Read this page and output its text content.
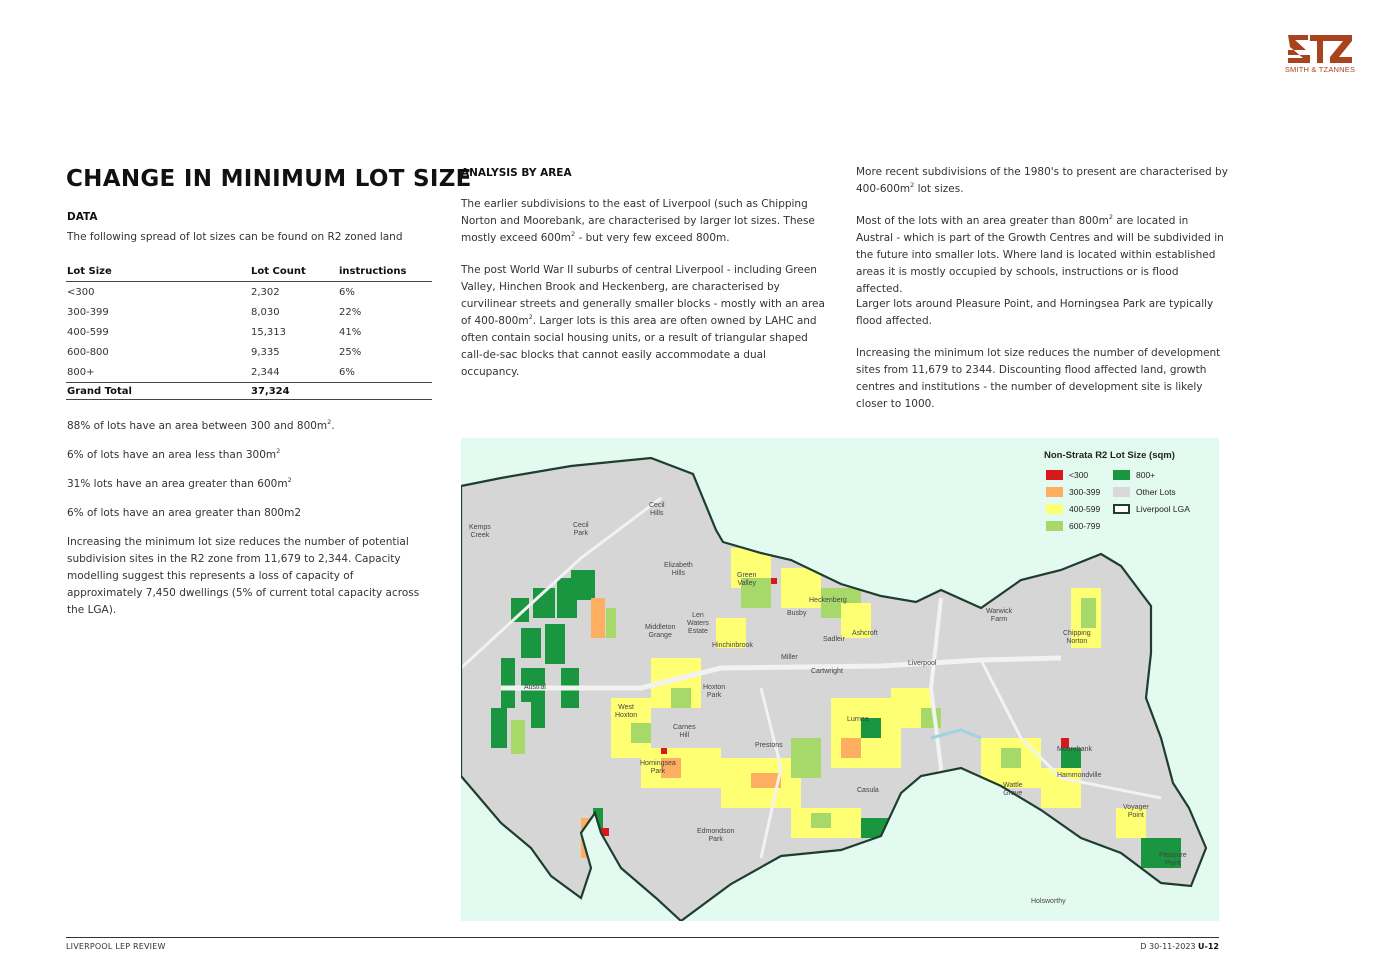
SMITH & TZANNES
CHANGE IN MINIMUM LOT SIZE
DATA
The following spread of lot sizes can be found on R2 zoned land
Lot Size	Lot Count	instructions
<300	2,302	6%
300-399	8,030	22%
400-599	15,313	41%
600-800	9,335	25%
800+	2,344	6%
Grand Total	37,324	
88% of lots have an area between 300 and $800m^2$.
6% of lots have an area less than $300m^2$
31% lots have an area greater than $600m^2$
6% of lots have an area greater than 800m2
Increasing the minimum lot size reduces the number of potential subdivision sites in the R2 zone from 11,679 to 2,344. Capacity modelling suggest this represents a loss of capacity of approximately 7,450 dwellings (5% of current total capacity across the LGA).
ANALYSIS BY AREA
The earlier subdivisions to the east of Liverpool (such as Chipping Norton and Moorebank, are characterised by larger lot sizes. These mostly exceed $600m^2$ - but very few exceed 800m.
The post World War II suburbs of central Liverpool - including Green Valley, Hinchen Brook and Heckenberg, are characterised by curvilinear streets and generally smaller blocks - mostly with an area of $400-800m^2$. Larger lots is this area are often owned by LAHC and often contain social housing units, or a result of triangular shaped call-de-sac blocks that cannot easily accommodate a dual occupancy.
More recent subdivisions of the 1980's to present are characterised by $400-600m^2$ lot sizes.
Most of the lots with an area greater than $800m^2$ are located in Austral - which is part of the Growth Centres and will be subdivided in the future into smaller lots. Where land is located within established areas it is mostly occupied by schools, instructions or is flood affected.
Larger lots around Pleasure Point, and Horningsea Park are typically flood affected.
Increasing the minimum lot size reduces the number of development sites from 11,679 to 2344. Discounting flood affected land, growth centres and institutions - the number of development site is likely closer to 1000.
Kemps
Creek
Cecil
Park
Cecil
Hills
Elizabeth
Hills	Green
Valley
Heckenberg
Busby
Ashcroft
Sadleir
Middleton
Grange
Len
Waters
Estate
Hinchinbrook
Miller
Cartwright
Liverpool
Warwick
Farm
Chipping
Norton
Austral	Hoxton
Park
West
Hoxton
Carnes
Hill
Lurnea
Prestons
Moorebank
Hammondville
Horningsea
Park
Casula
Wattle
Grove
Voyager
Point
Edmondson
Park
Pleasure
Point
Holsworthy
Non-Strata R2 Lot Size (sqm)
<300
300-399
400-599
600-799
800+
Other Lots
Liverpool LGA
LIVERPOOL LEP REVIEW	D 30-11-2023 U-12
